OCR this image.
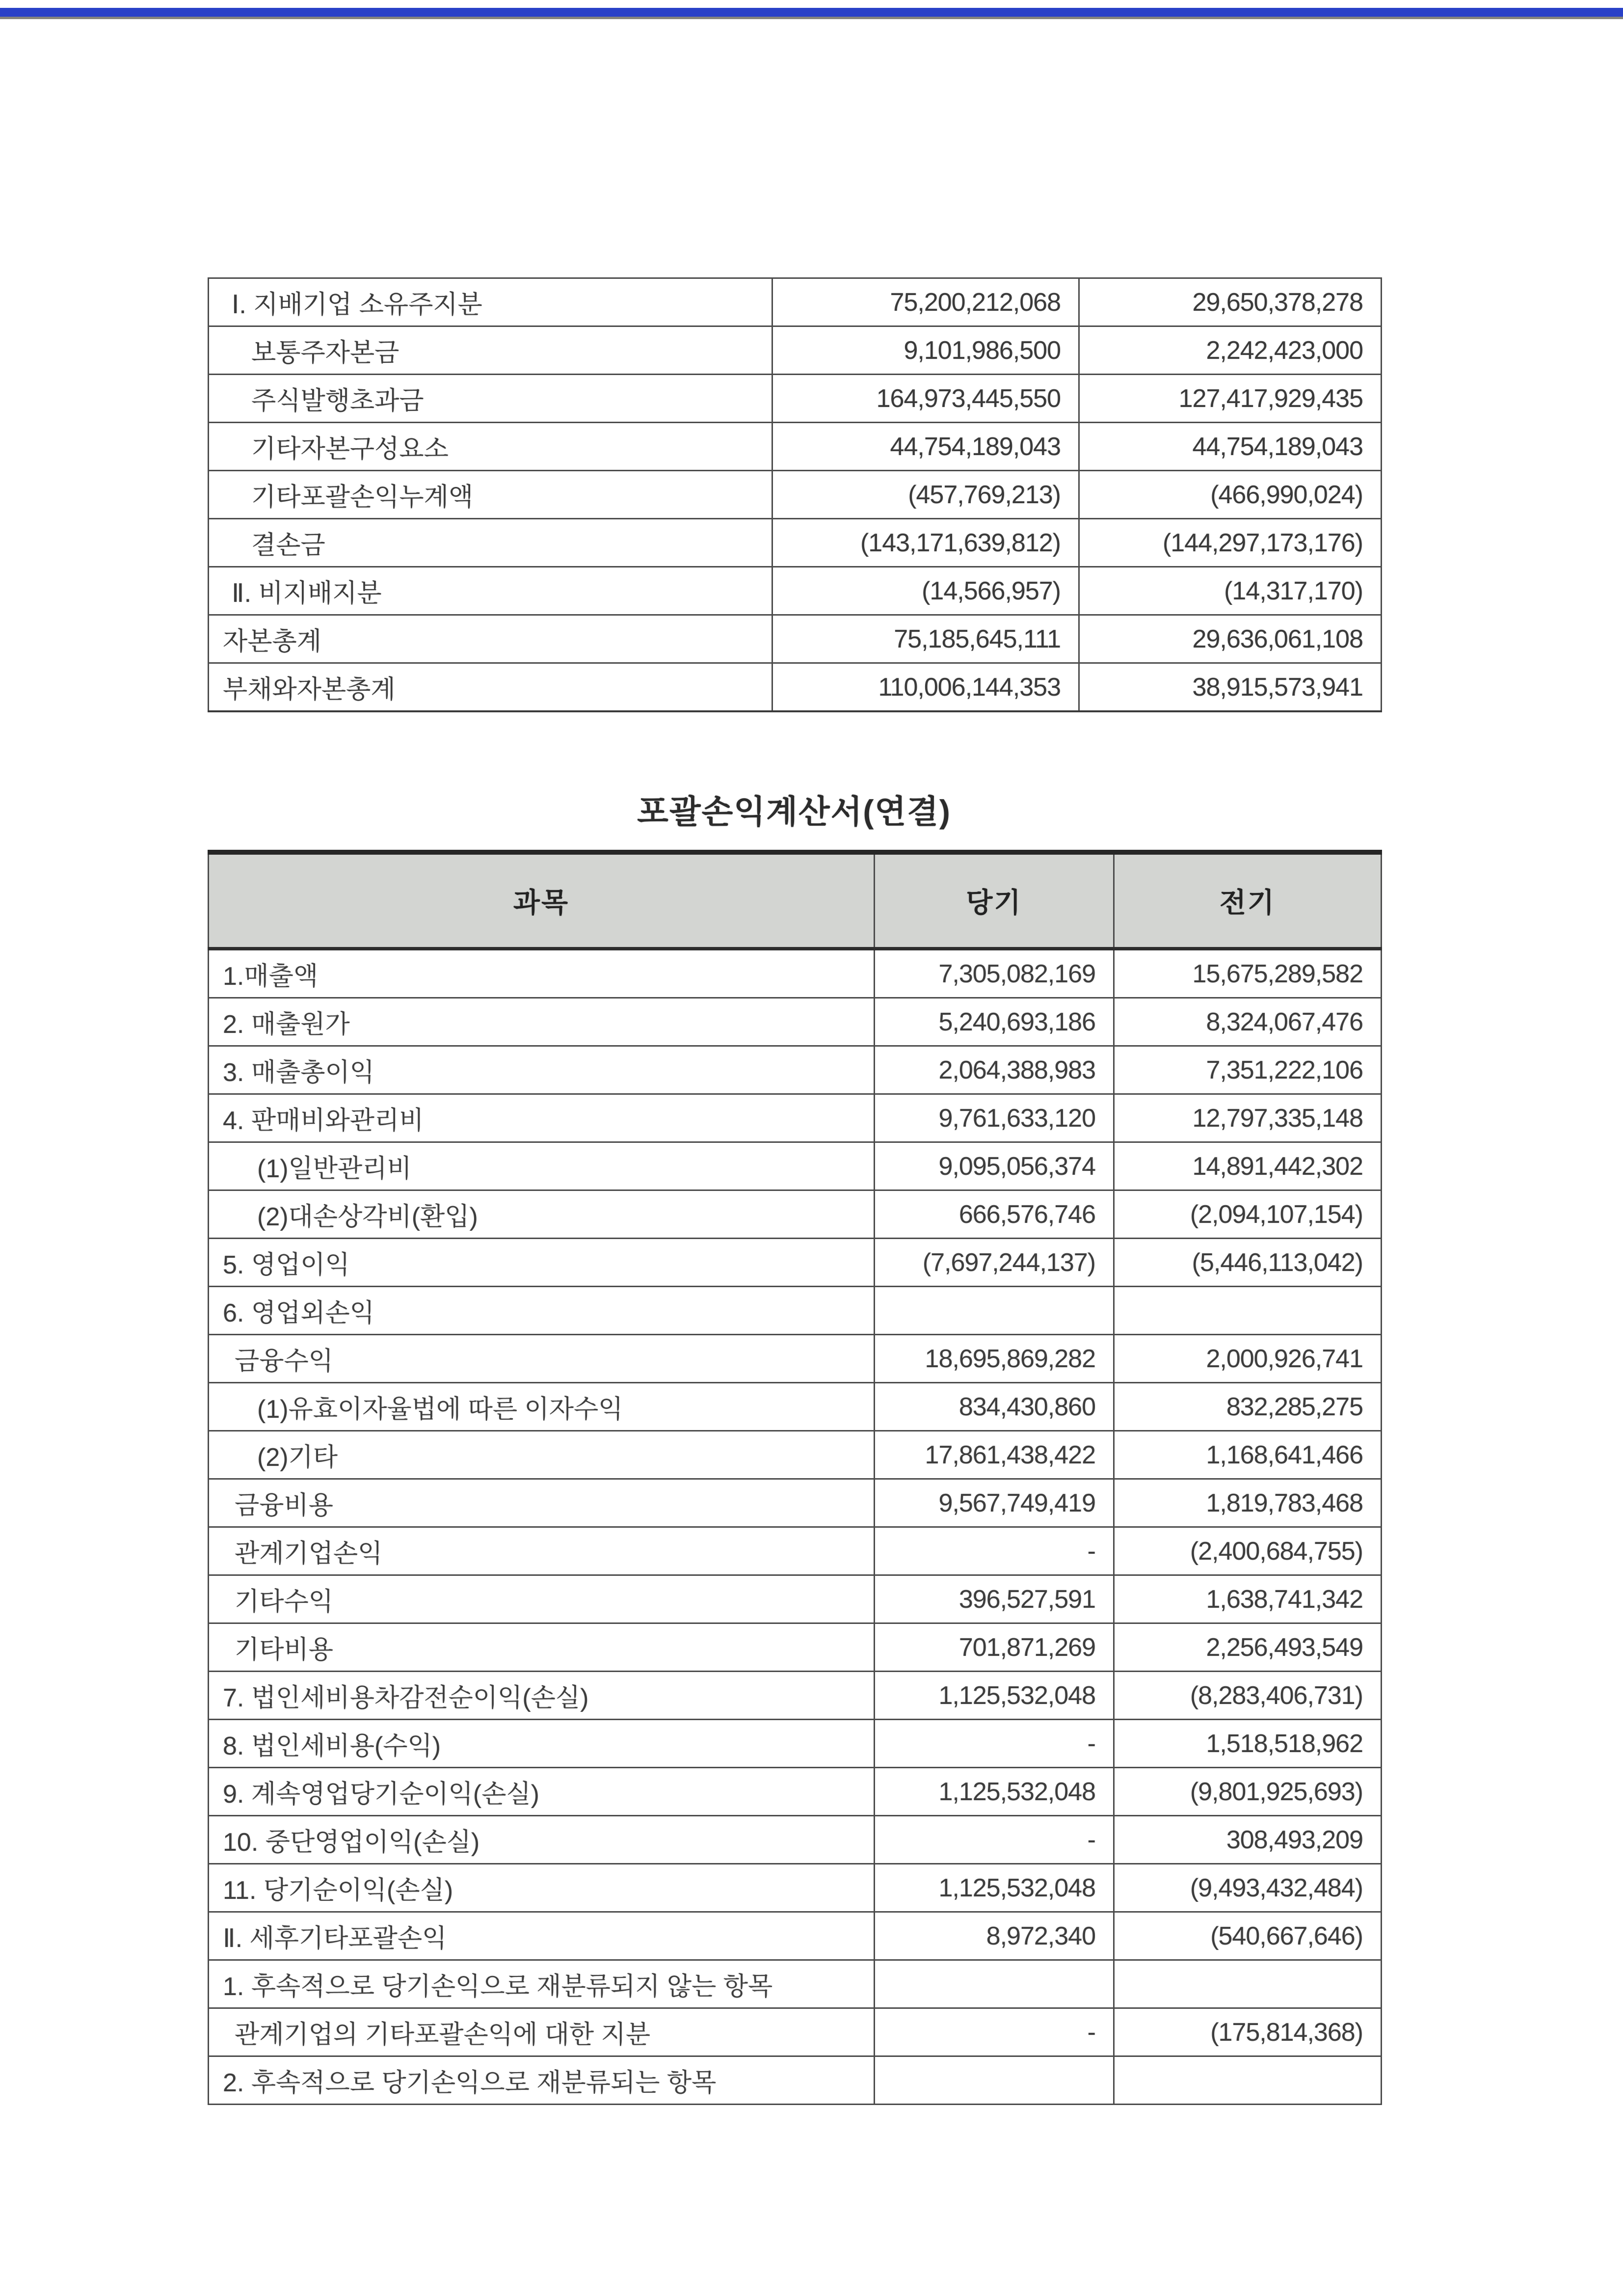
Ⅰ. 지배기업 소유주지분	75,200,212,068	29,650,378,278
보통주자본금	9,101,986,500	2,242,423,000
주식발행초과금	164,973,445,550	127,417,929,435
기타자본구성요소	44,754,189,043	44,754,189,043
기타포괄손익누계액	(457,769,213)	(466,990,024)
결손금	(143,171,639,812)	(144,297,173,176)
Ⅱ. 비지배지분	(14,566,957)	(14,317,170)
자본총계	75,185,645,111	29,636,061,108
부채와자본총계	110,006,144,353	38,915,573,941
포괄손익계산서(연결)
과목	당기	전기
1.매출액	7,305,082,169	15,675,289,582
2. 매출원가	5,240,693,186	8,324,067,476
3. 매출총이익	2,064,388,983	7,351,222,106
4. 판매비와관리비	9,761,633,120	12,797,335,148
(1)일반관리비	9,095,056,374	14,891,442,302
(2)대손상각비(환입)	666,576,746	(2,094,107,154)
5. 영업이익	(7,697,244,137)	(5,446,113,042)
6. 영업외손익		
금융수익	18,695,869,282	2,000,926,741
(1)유효이자율법에 따른 이자수익	834,430,860	832,285,275
(2)기타	17,861,438,422	1,168,641,466
금융비용	9,567,749,419	1,819,783,468
관계기업손익	-	(2,400,684,755)
기타수익	396,527,591	1,638,741,342
기타비용	701,871,269	2,256,493,549
7. 법인세비용차감전순이익(손실)	1,125,532,048	(8,283,406,731)
8. 법인세비용(수익)	-	1,518,518,962
9. 계속영업당기순이익(손실)	1,125,532,048	(9,801,925,693)
10. 중단영업이익(손실)	-	308,493,209
11. 당기순이익(손실)	1,125,532,048	(9,493,432,484)
Ⅱ. 세후기타포괄손익	8,972,340	(540,667,646)
1. 후속적으로 당기손익으로 재분류되지 않는 항목		
관계기업의 기타포괄손익에 대한 지분	-	(175,814,368)
2. 후속적으로 당기손익으로 재분류되는 항목		
